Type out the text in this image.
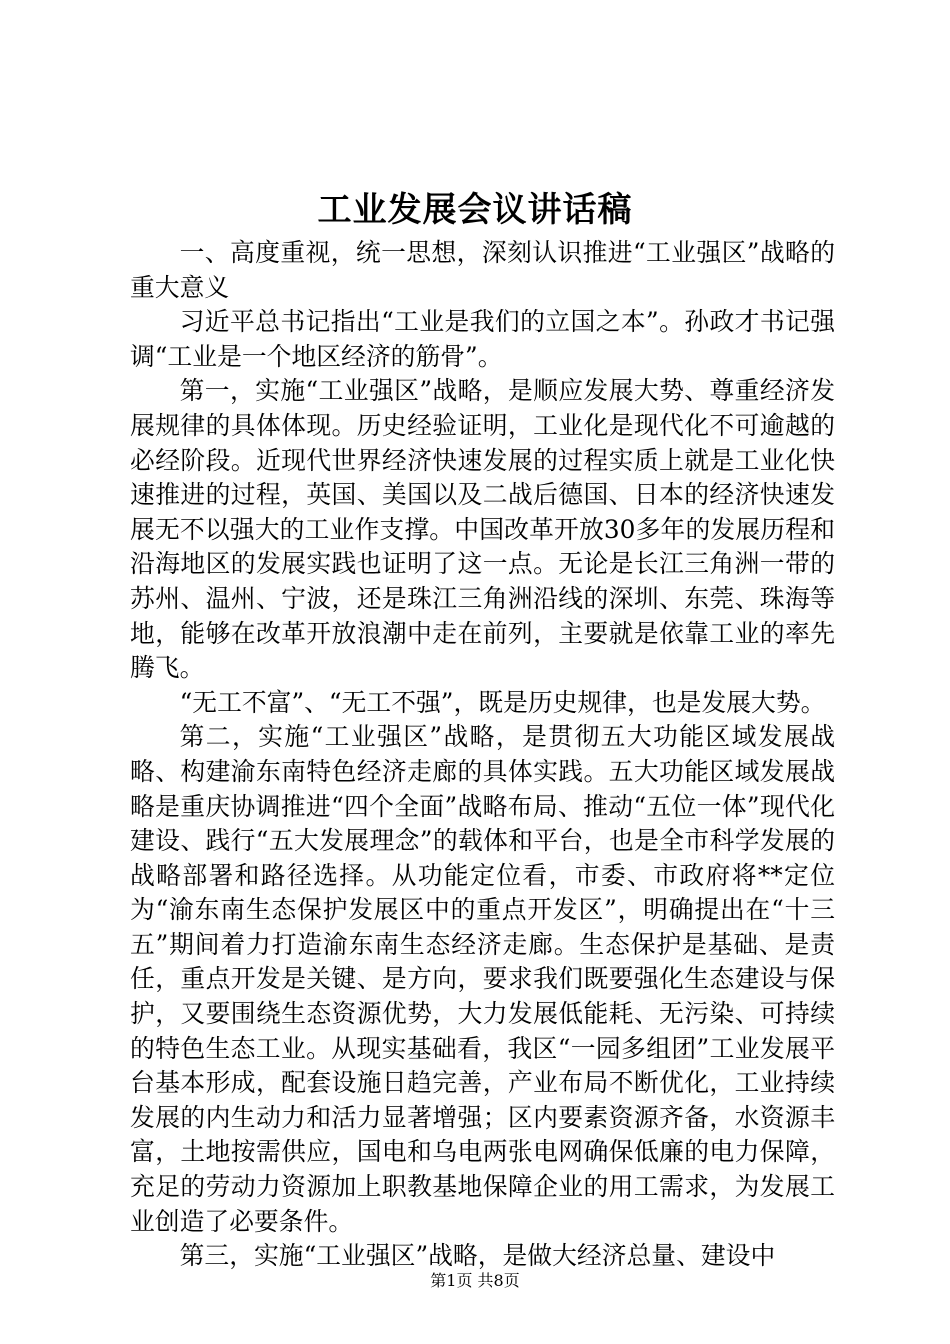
工业发展会议讲话稿

一、高度重视，统一思想，深刻认识推进“工业强区”战略的重大意义

习近平总书记指出“工业是我们的立国之本”。孙政才书记强调“工业是一个地区经济的筋骨”。

第一，实施“工业强区”战略，是顺应发展大势、尊重经济发展规律的具体体现。历史经验证明，工业化是现代化不可逾越的必经阶段。近现代世界经济快速发展的过程实质上就是工业化快速推进的过程，英国、美国以及二战后德国、日本的经济快速发展无不以强大的工业作支撑。中国改革开放30多年的发展历程和沿海地区的发展实践也证明了这一点。无论是长江三角洲一带的苏州、温州、宁波，还是珠江三角洲沿线的深圳、东莞、珠海等地，能够在改革开放浪潮中走在前列，主要就是依靠工业的率先腾飞。

“无工不富”、“无工不强”，既是历史规律，也是发展大势。

第二，实施“工业强区”战略，是贯彻五大功能区域发展战略、构建渝东南特色经济走廊的具体实践。五大功能区域发展战略是重庆协调推进“四个全面”战略布局、推动“五位一体”现代化建设、践行“五大发展理念”的载体和平台，也是全市科学发展的战略部署和路径选择。从功能定位看，市委、市政府将**定位为“渝东南生态保护发展区中的重点开发区”，明确提出在“十三五”期间着力打造渝东南生态经济走廊。生态保护是基础、是责任，重点开发是关键、是方向，要求我们既要强化生态建设与保护，又要围绕生态资源优势，大力发展低能耗、无污染、可持续的特色生态工业。从现实基础看，我区“一园多组团”工业发展平台基本形成，配套设施日趋完善，产业布局不断优化，工业持续发展的内生动力和活力显著增强；区内要素资源齐备，水资源丰富，土地按需供应，国电和乌电两张电网确保低廉的电力保障，充足的劳动力资源加上职教基地保障企业的用工需求，为发展工业创造了必要条件。

第三，实施“工业强区”战略，是做大经济总量、建设中

第1页 共8页
